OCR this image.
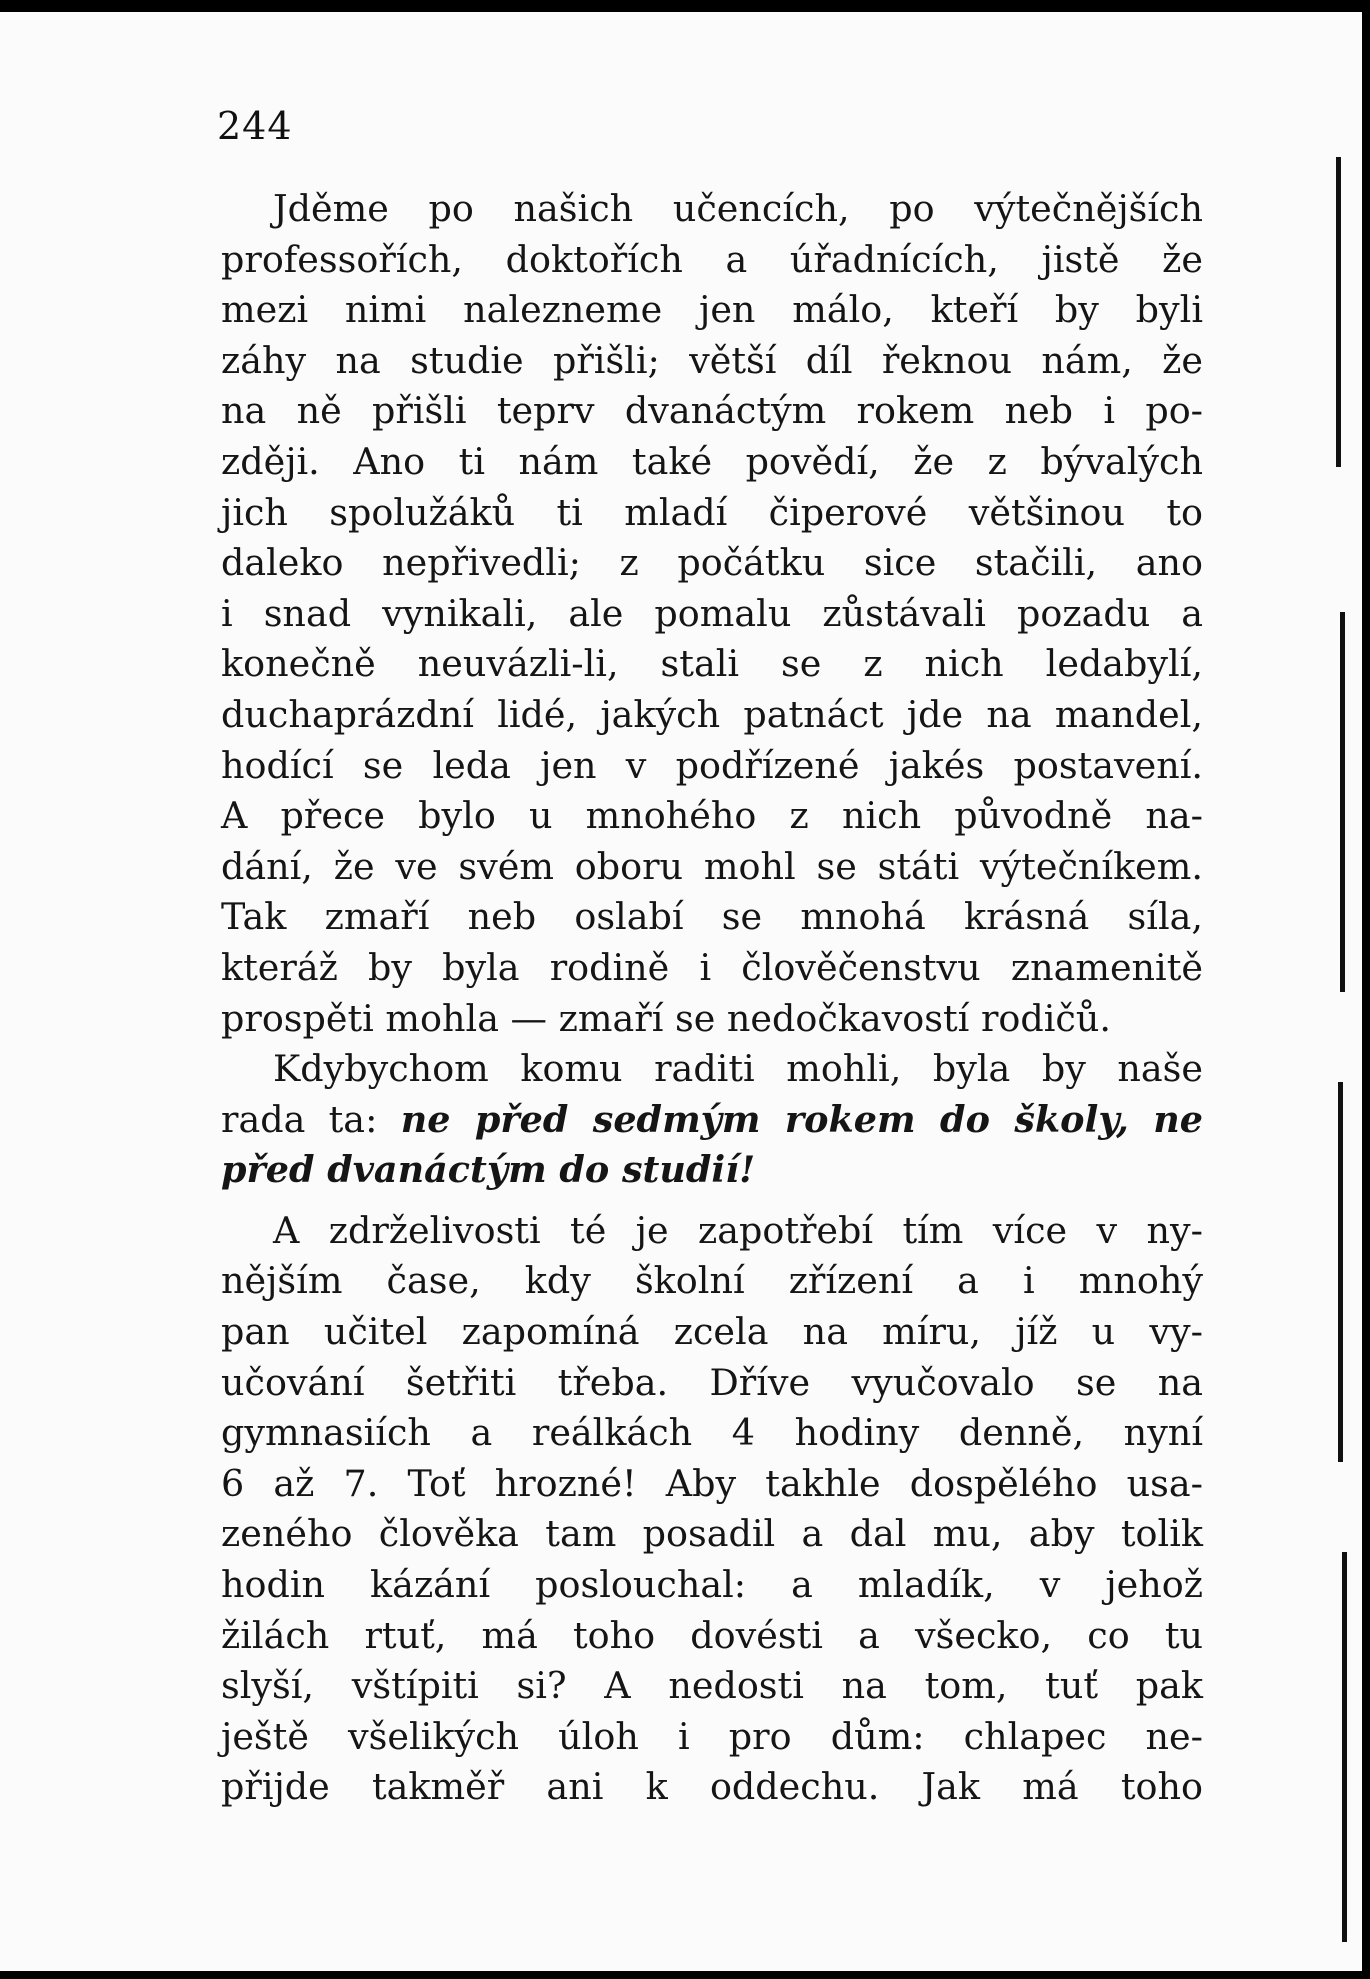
244
Jděme po našich učencích, po výtečnějších
professořích, doktořích a úřadnících, jistě že
mezi nimi nalezneme jen málo, kteří by byli
záhy na studie přišli; větší díl řeknou nám, že
na ně přišli teprv dvanáctým rokem neb i po-
zději. Ano ti nám také povědí, že z bývalých
jich spolužáků ti mladí čiperové většinou to
daleko nepřivedli; z počátku sice stačili, ano
i snad vynikali, ale pomalu zůstávali pozadu a
konečně neuvázli-li, stali se z nich ledabylí,
duchaprázdní lidé, jakých patnáct jde na mandel,
hodící se leda jen v podřízené jakés postavení.
A přece bylo u mnohého z nich původně na-
dání, že ve svém oboru mohl se státi výtečníkem.
Tak zmaří neb oslabí se mnohá krásná síla,
kteráž by byla rodině i člověčenstvu znamenitě
prospěti mohla — zmaří se nedočkavostí rodičů.
Kdybychom komu raditi mohli, byla by naše
rada ta: ne před sedmým rokem do školy, ne
před dvanáctým do studií!
A zdrželivosti té je zapotřebí tím více v ny-
nějším čase, kdy školní zřízení a i mnohý
pan učitel zapomíná zcela na míru, jíž u vy-
učování šetřiti třeba. Dříve vyučovalo se na
gymnasiích a reálkách 4 hodiny denně, nyní
6 až 7. Toť hrozné! Aby takhle dospělého usa-
zeného člověka tam posadil a dal mu, aby tolik
hodin kázání poslouchal: a mladík, v jehož
žilách rtuť, má toho dovésti a všecko, co tu
slyší, vštípiti si? A nedosti na tom, tuť pak
ještě všelikých úloh i pro dům: chlapec ne-
přijde takměř ani k oddechu. Jak má toho
